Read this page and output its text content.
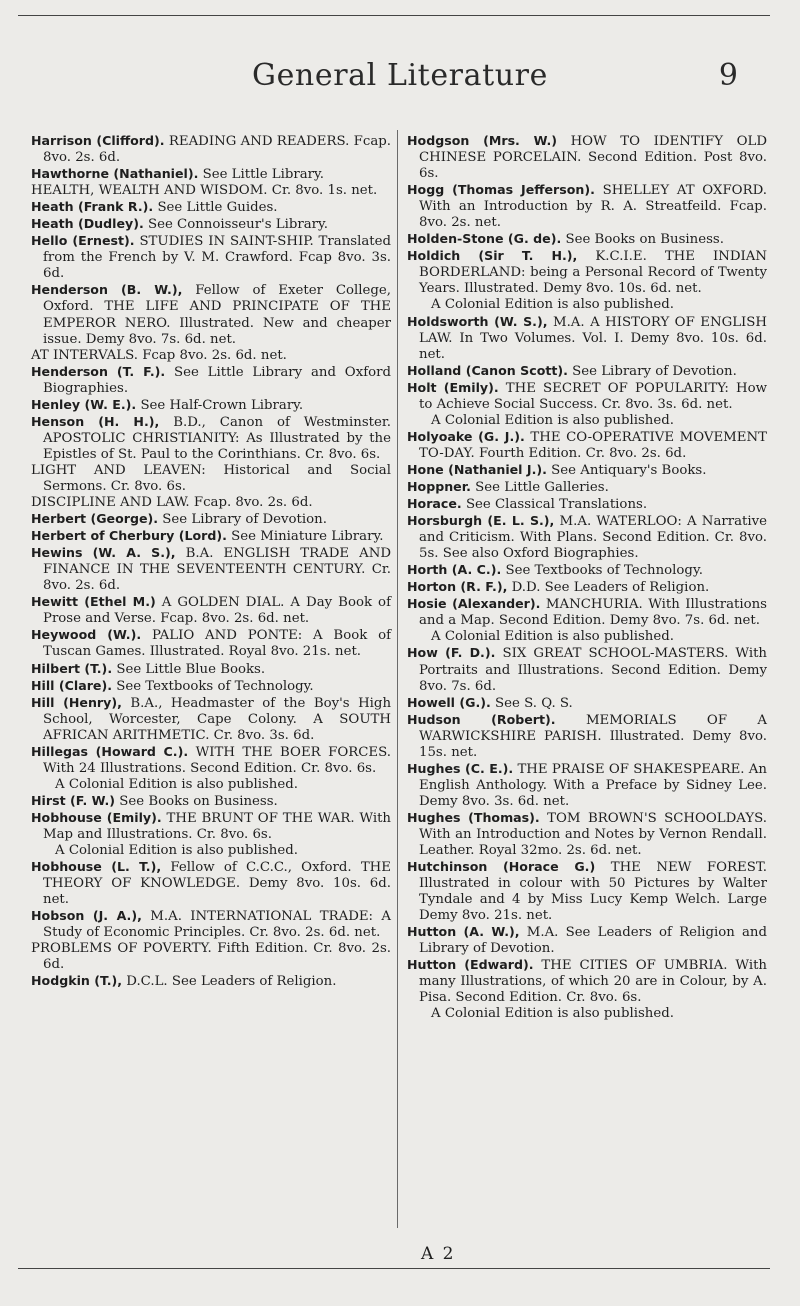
General Literature	9

Harrison (Clifford). READING AND READERS. Fcap. 8vo. 2s. 6d.

Hawthorne (Nathaniel). See Little Library.

HEALTH, WEALTH AND WISDOM. Cr. 8vo. 1s. net.

Heath (Frank R.). See Little Guides.

Heath (Dudley). See Connoisseur's Library.

Hello (Ernest). STUDIES IN SAINT-SHIP. Translated from the French by V. M. Crawford. Fcap 8vo. 3s. 6d.

Henderson (B. W.), Fellow of Exeter College, Oxford. THE LIFE AND PRINCIPATE OF THE EMPEROR NERO. Illustrated. New and cheaper issue. Demy 8vo. 7s. 6d. net.

AT INTERVALS. Fcap 8vo. 2s. 6d. net.

Henderson (T. F.). See Little Library and Oxford Biographies.

Henley (W. E.). See Half-Crown Library.

Henson (H. H.), B.D., Canon of Westminster. APOSTOLIC CHRISTIANITY: As Illustrated by the Epistles of St. Paul to the Corinthians. Cr. 8vo. 6s.

LIGHT AND LEAVEN: Historical and Social Sermons. Cr. 8vo. 6s.

DISCIPLINE AND LAW. Fcap. 8vo. 2s. 6d.

Herbert (George). See Library of Devotion.

Herbert of Cherbury (Lord). See Miniature Library.

Hewins (W. A. S.), B.A. ENGLISH TRADE AND FINANCE IN THE SEVENTEENTH CENTURY. Cr. 8vo. 2s. 6d.

Hewitt (Ethel M.) A GOLDEN DIAL. A Day Book of Prose and Verse. Fcap. 8vo. 2s. 6d. net.

Heywood (W.). PALIO AND PONTE: A Book of Tuscan Games. Illustrated. Royal 8vo. 21s. net.

Hilbert (T.). See Little Blue Books.

Hill (Clare). See Textbooks of Technology.

Hill (Henry), B.A., Headmaster of the Boy's High School, Worcester, Cape Colony. A SOUTH AFRICAN ARITHMETIC. Cr. 8vo. 3s. 6d.

Hillegas (Howard C.). WITH THE BOER FORCES. With 24 Illustrations. Second Edition. Cr. 8vo. 6s.
A Colonial Edition is also published.

Hirst (F. W.) See Books on Business.

Hobhouse (Emily). THE BRUNT OF THE WAR. With Map and Illustrations. Cr. 8vo. 6s.
A Colonial Edition is also published.

Hobhouse (L. T.), Fellow of C.C.C., Oxford. THE THEORY OF KNOWLEDGE. Demy 8vo. 10s. 6d. net.

Hobson (J. A.), M.A. INTERNATIONAL TRADE: A Study of Economic Principles. Cr. 8vo. 2s. 6d. net.

PROBLEMS OF POVERTY. Fifth Edition. Cr. 8vo. 2s. 6d.

Hodgkin (T.), D.C.L. See Leaders of Religion.

Hodgson (Mrs. W.) HOW TO IDENTIFY OLD CHINESE PORCELAIN. Second Edition. Post 8vo. 6s.

Hogg (Thomas Jefferson). SHELLEY AT OXFORD. With an Introduction by R. A. Streatfeild. Fcap. 8vo. 2s. net.

Holden-Stone (G. de). See Books on Business.

Holdich (Sir T. H.), K.C.I.E. THE INDIAN BORDERLAND: being a Personal Record of Twenty Years. Illustrated. Demy 8vo. 10s. 6d. net.
A Colonial Edition is also published.

Holdsworth (W. S.), M.A. A HISTORY OF ENGLISH LAW. In Two Volumes. Vol. I. Demy 8vo. 10s. 6d. net.

Holland (Canon Scott). See Library of Devotion.

Holt (Emily). THE SECRET OF POPULARITY: How to Achieve Social Success. Cr. 8vo. 3s. 6d. net.
A Colonial Edition is also published.

Holyoake (G. J.). THE CO-OPERATIVE MOVEMENT TO-DAY. Fourth Edition. Cr. 8vo. 2s. 6d.

Hone (Nathaniel J.). See Antiquary's Books.

Hoppner. See Little Galleries.

Horace. See Classical Translations.

Horsburgh (E. L. S.), M.A. WATERLOO: A Narrative and Criticism. With Plans. Second Edition. Cr. 8vo. 5s. See also Oxford Biographies.

Horth (A. C.). See Textbooks of Technology.

Horton (R. F.), D.D. See Leaders of Religion.

Hosie (Alexander). MANCHURIA. With Illustrations and a Map. Second Edition. Demy 8vo. 7s. 6d. net.
A Colonial Edition is also published.

How (F. D.). SIX GREAT SCHOOL-MASTERS. With Portraits and Illustrations. Second Edition. Demy 8vo. 7s. 6d.

Howell (G.). See S. Q. S.

Hudson (Robert). MEMORIALS OF A WARWICKSHIRE PARISH. Illustrated. Demy 8vo. 15s. net.

Hughes (C. E.). THE PRAISE OF SHAKESPEARE. An English Anthology. With a Preface by Sidney Lee. Demy 8vo. 3s. 6d. net.

Hughes (Thomas). TOM BROWN'S SCHOOLDAYS. With an Introduction and Notes by Vernon Rendall. Leather. Royal 32mo. 2s. 6d. net.

Hutchinson (Horace G.) THE NEW FOREST. Illustrated in colour with 50 Pictures by Walter Tyndale and 4 by Miss Lucy Kemp Welch. Large Demy 8vo. 21s. net.

Hutton (A. W.), M.A. See Leaders of Religion and Library of Devotion.

Hutton (Edward). THE CITIES OF UMBRIA. With many Illustrations, of which 20 are in Colour, by A. Pisa. Second Edition. Cr. 8vo. 6s.
A Colonial Edition is also published.

A 2
